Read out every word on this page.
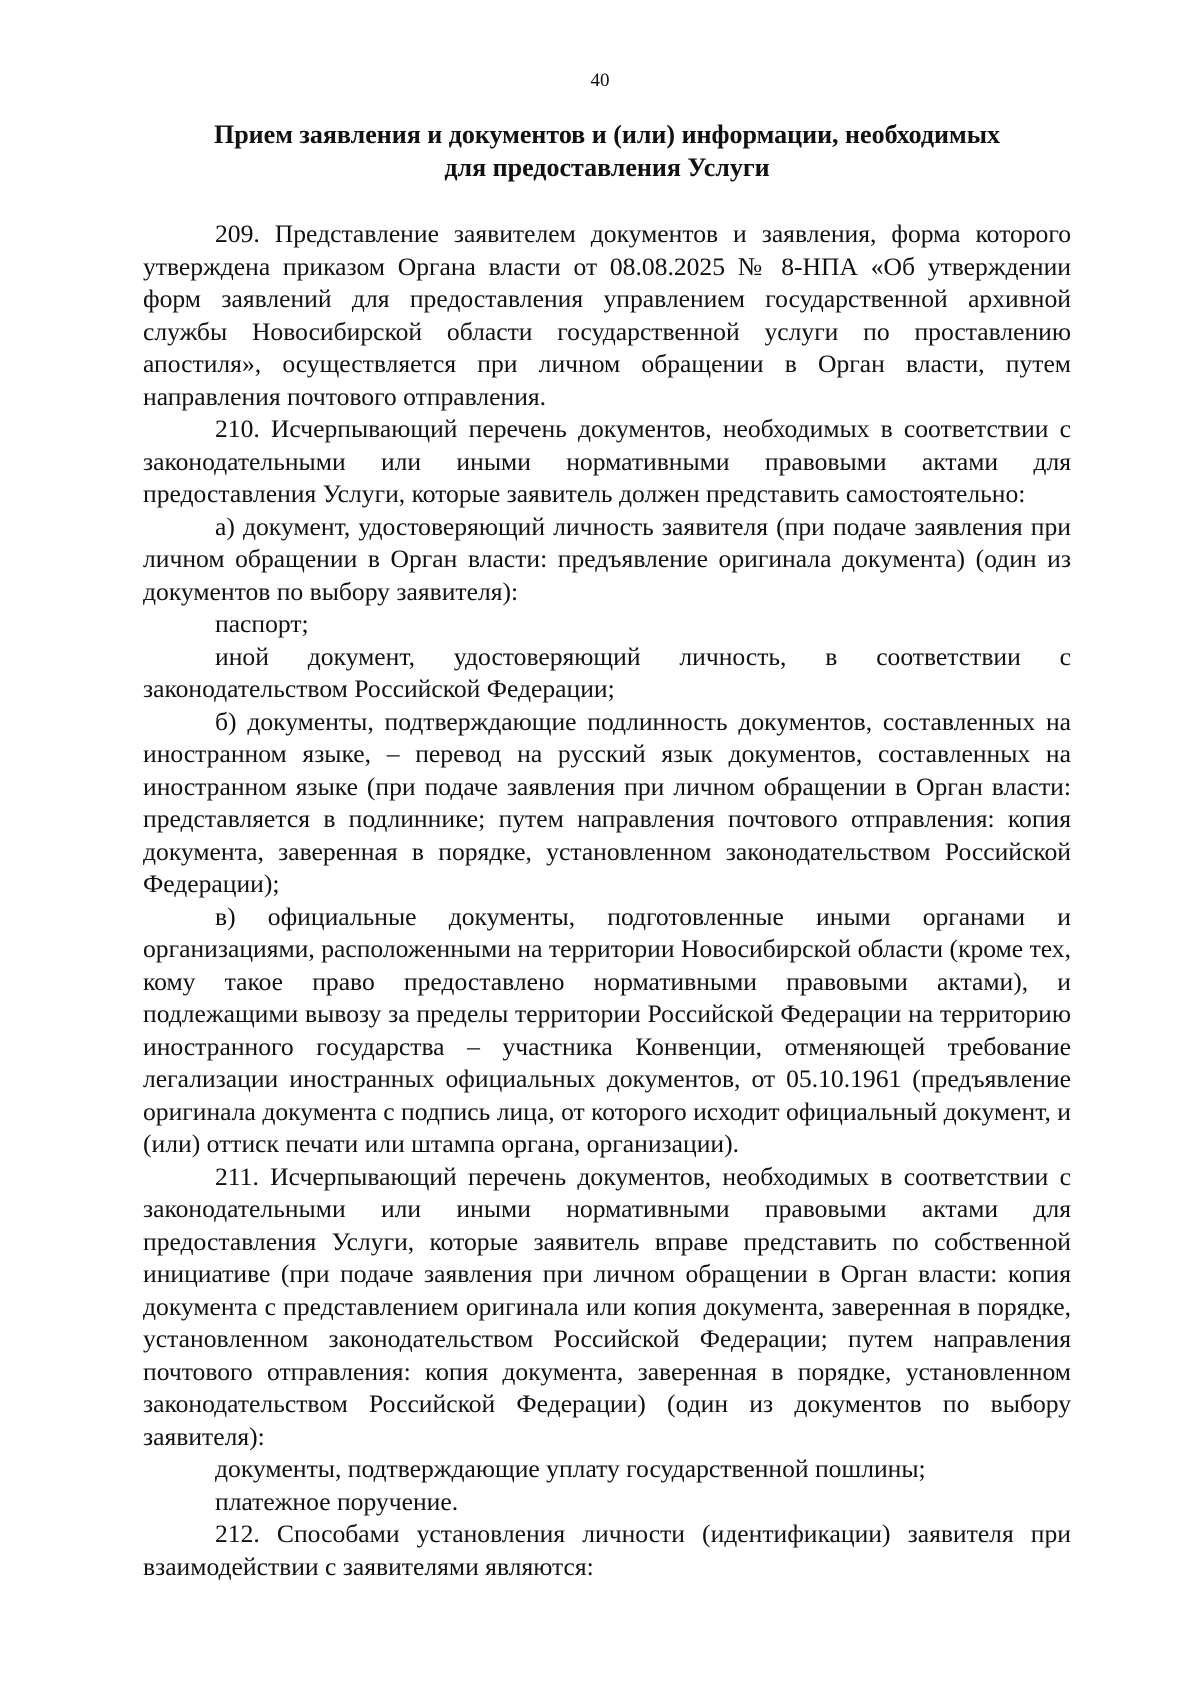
40
Прием заявления и документов и (или) информации, необходимых
для предоставления Услуги

209. Представление заявителем документов и заявления, форма которого утверждена приказом Органа власти от 08.08.2025 № 8-НПА «Об утверждении форм заявлений для предоставления управлением государственной архивной службы Новосибирской области государственной услуги по проставлению апостиля», осуществляется при личном обращении в Орган власти, путем направления почтового отправления.

210. Исчерпывающий перечень документов, необходимых в соответствии с законодательными или иными нормативными правовыми актами для предоставления Услуги, которые заявитель должен представить самостоятельно:

а) документ, удостоверяющий личность заявителя (при подаче заявления при личном обращении в Орган власти: предъявление оригинала документа) (один из документов по выбору заявителя):

паспорт;

иной документ, удостоверяющий личность, в соответствии с законодательством Российской Федерации;

б) документы, подтверждающие подлинность документов, составленных на иностранном языке, – перевод на русский язык документов, составленных на иностранном языке (при подаче заявления при личном обращении в Орган власти: представляется в подлиннике; путем направления почтового отправления: копия документа, заверенная в порядке, установленном законодательством Российской Федерации);

в) официальные документы, подготовленные иными органами и организациями, расположенными на территории Новосибирской области (кроме тех, кому такое право предоставлено нормативными правовыми актами), и подлежащими вывозу за пределы территории Российской Федерации на территорию иностранного государства – участника Конвенции, отменяющей требование легализации иностранных официальных документов, от 05.10.1961 (предъявление оригинала документа с подпись лица, от которого исходит официальный документ, и (или) оттиск печати или штампа органа, организации).

211. Исчерпывающий перечень документов, необходимых в соответствии с законодательными или иными нормативными правовыми актами для предоставления Услуги, которые заявитель вправе представить по собственной инициативе (при подаче заявления при личном обращении в Орган власти: копия документа с представлением оригинала или копия документа, заверенная в порядке, установленном законодательством Российской Федерации; путем направления почтового отправления: копия документа, заверенная в порядке, установленном законодательством Российской Федерации) (один из документов по выбору заявителя):

документы, подтверждающие уплату государственной пошлины;

платежное поручение.

212. Способами установления личности (идентификации) заявителя при взаимодействии с заявителями являются:
